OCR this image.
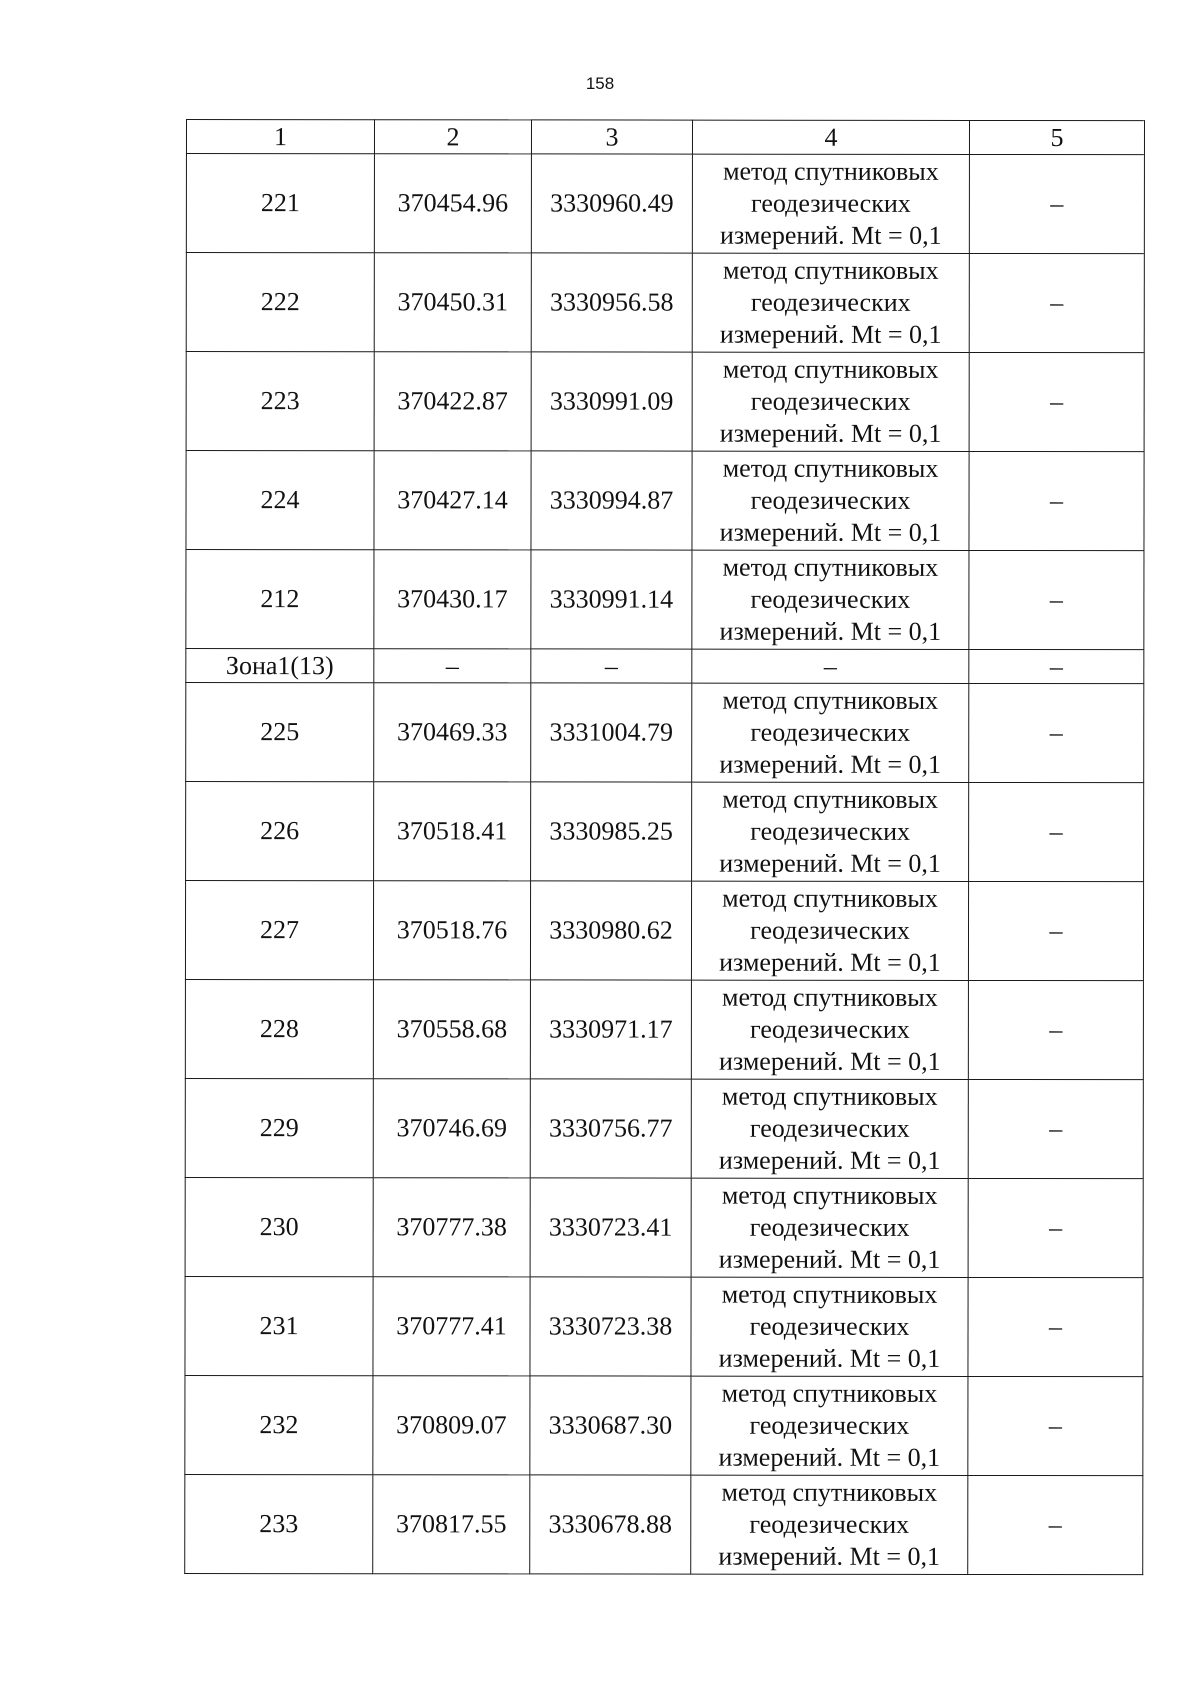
158
1	2	3	4	5
221	370454.96	3330960.49	метод спутниковых
геодезических
измерений. Mt = 0,1	–
222	370450.31	3330956.58	метод спутниковых
геодезических
измерений. Mt = 0,1	–
223	370422.87	3330991.09	метод спутниковых
геодезических
измерений. Mt = 0,1	–
224	370427.14	3330994.87	метод спутниковых
геодезических
измерений. Mt = 0,1	–
212	370430.17	3330991.14	метод спутниковых
геодезических
измерений. Mt = 0,1	–
Зона1(13)	–	–	–	–
225	370469.33	3331004.79	метод спутниковых
геодезических
измерений. Mt = 0,1	–
226	370518.41	3330985.25	метод спутниковых
геодезических
измерений. Mt = 0,1	–
227	370518.76	3330980.62	метод спутниковых
геодезических
измерений. Mt = 0,1	–
228	370558.68	3330971.17	метод спутниковых
геодезических
измерений. Mt = 0,1	–
229	370746.69	3330756.77	метод спутниковых
геодезических
измерений. Mt = 0,1	–
230	370777.38	3330723.41	метод спутниковых
геодезических
измерений. Mt = 0,1	–
231	370777.41	3330723.38	метод спутниковых
геодезических
измерений. Mt = 0,1	–
232	370809.07	3330687.30	метод спутниковых
геодезических
измерений. Mt = 0,1	–
233	370817.55	3330678.88	метод спутниковых
геодезических
измерений. Mt = 0,1	–
